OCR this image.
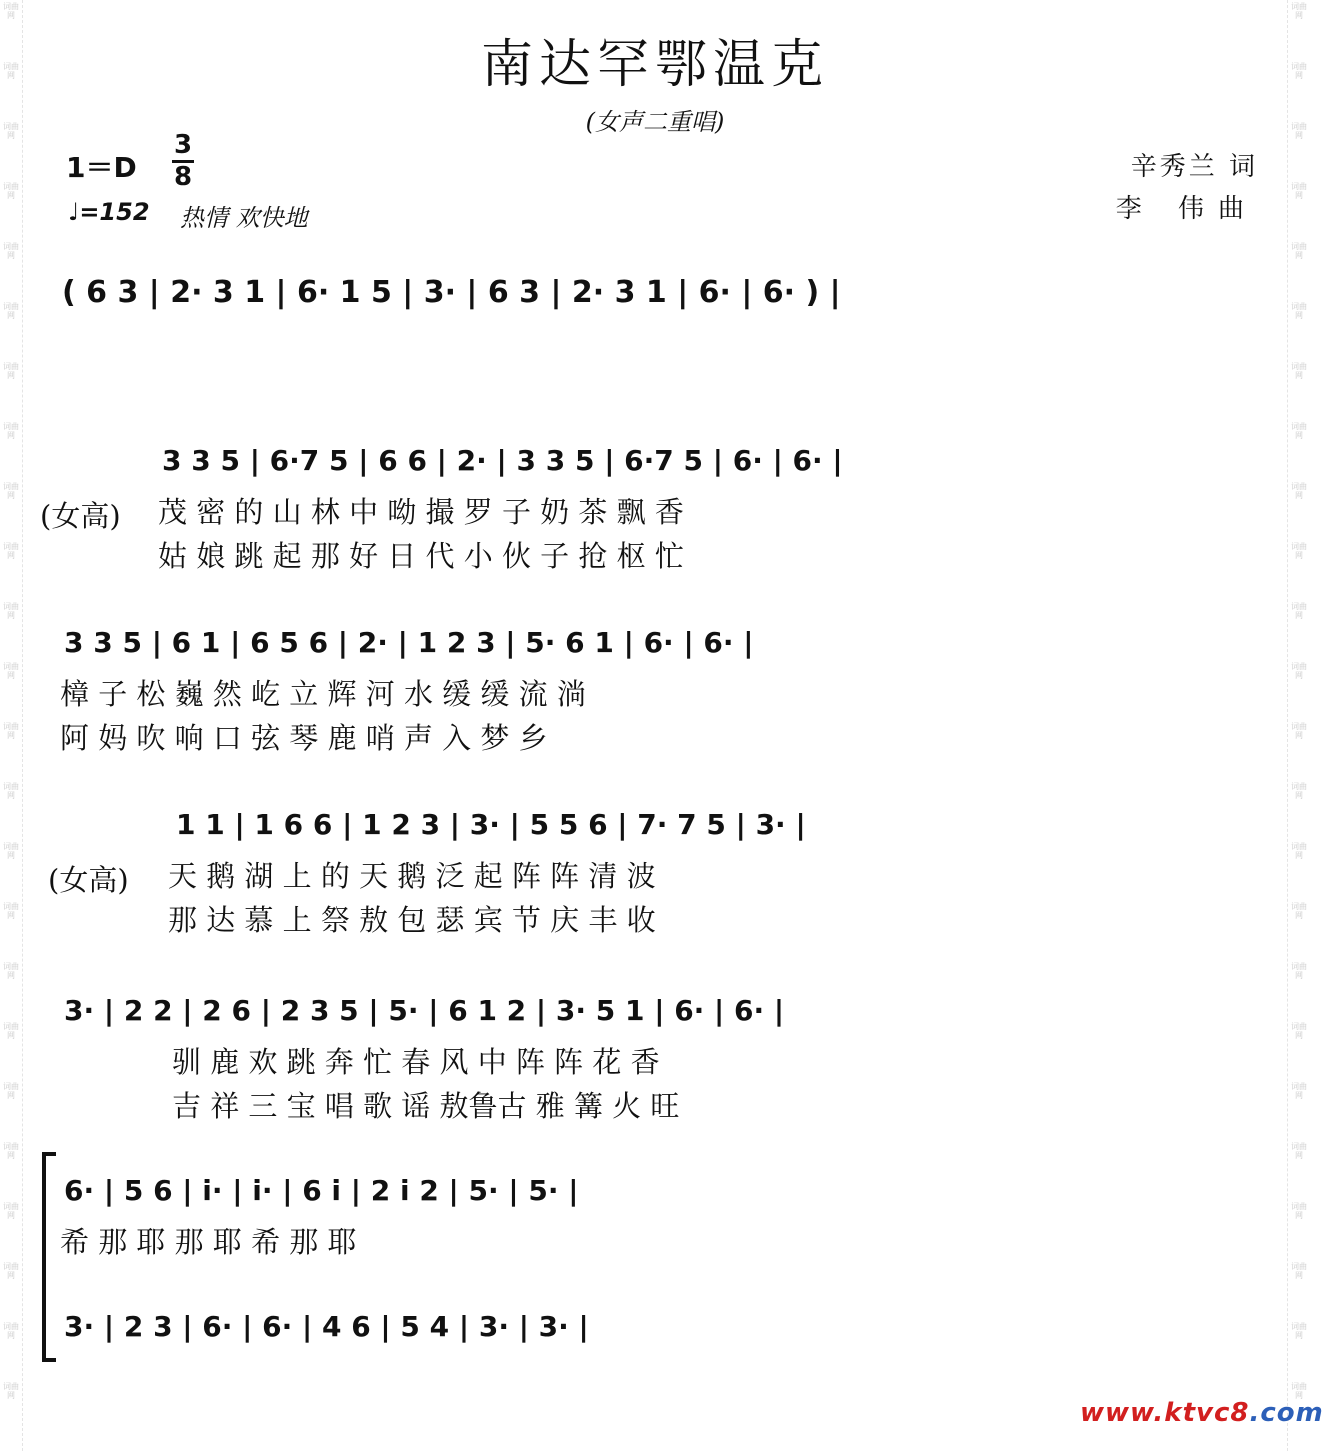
词曲网
词曲网
词曲网
词曲网
词曲网
词曲网
词曲网
词曲网
词曲网
词曲网
词曲网
词曲网
词曲网
词曲网
词曲网
词曲网
词曲网
词曲网
词曲网
词曲网
词曲网
词曲网
词曲网
词曲网
词曲网
词曲网
词曲网
词曲网
词曲网
词曲网
词曲网
词曲网
词曲网
词曲网
词曲网
词曲网
词曲网
词曲网
词曲网
词曲网
词曲网
词曲网
词曲网
词曲网
词曲网
词曲网
词曲网
词曲网
南达罕鄂温克
(女声二重唱)
1＝D
3
8
♩=152 热情 欢快地
辛秀兰 词
李 伟曲
( 6 3 | 2· 3 1 | 6· 1 5 | 3· | 6 3 | 2· 3 1 | 6· | 6· ) |
(女高)
3 3 5 | 6·7 5 | 6 6 | 2· | 3 3 5 | 6·7 5 | 6· | 6· |
茂 密 的 山 林 中 呦 撮 罗 子 奶 茶 飘 香
姑 娘 跳 起 那 好 日 代 小 伙 子 抢 枢 忙
3 3 5 | 6 1 | 6 5 6 | 2· | 1 2 3 | 5· 6 1 | 6· | 6· |
樟 子 松 巍 然 屹 立 辉 河 水 缓 缓 流 淌
阿 妈 吹 响 口 弦 琴 鹿 哨 声 入 梦 乡
(女高)
1 1 | 1 6 6 | 1 2 3 | 3· | 5 5 6 | 7· 7 5 | 3· |
天 鹅 湖 上 的 天 鹅 泛 起 阵 阵 清 波
那 达 慕 上 祭 敖 包 瑟 宾 节 庆 丰 收
3· | 2 2 | 2 6 | 2 3 5 | 5· | 6 1 2 | 3· 5 1 | 6· | 6· |
驯 鹿 欢 跳 奔 忙 春 风 中 阵 阵 花 香
吉 祥 三 宝 唱 歌 谣 敖鲁古 雅 篝 火 旺
6· | 5 6 | i· | i· | 6 i | 2 i 2 | 5· | 5· |
希 那 耶 那 耶 希 那 耶
3· | 2 3 | 6· | 6· | 4 6 | 5 4 | 3· | 3· |
www.ktvc8.com
